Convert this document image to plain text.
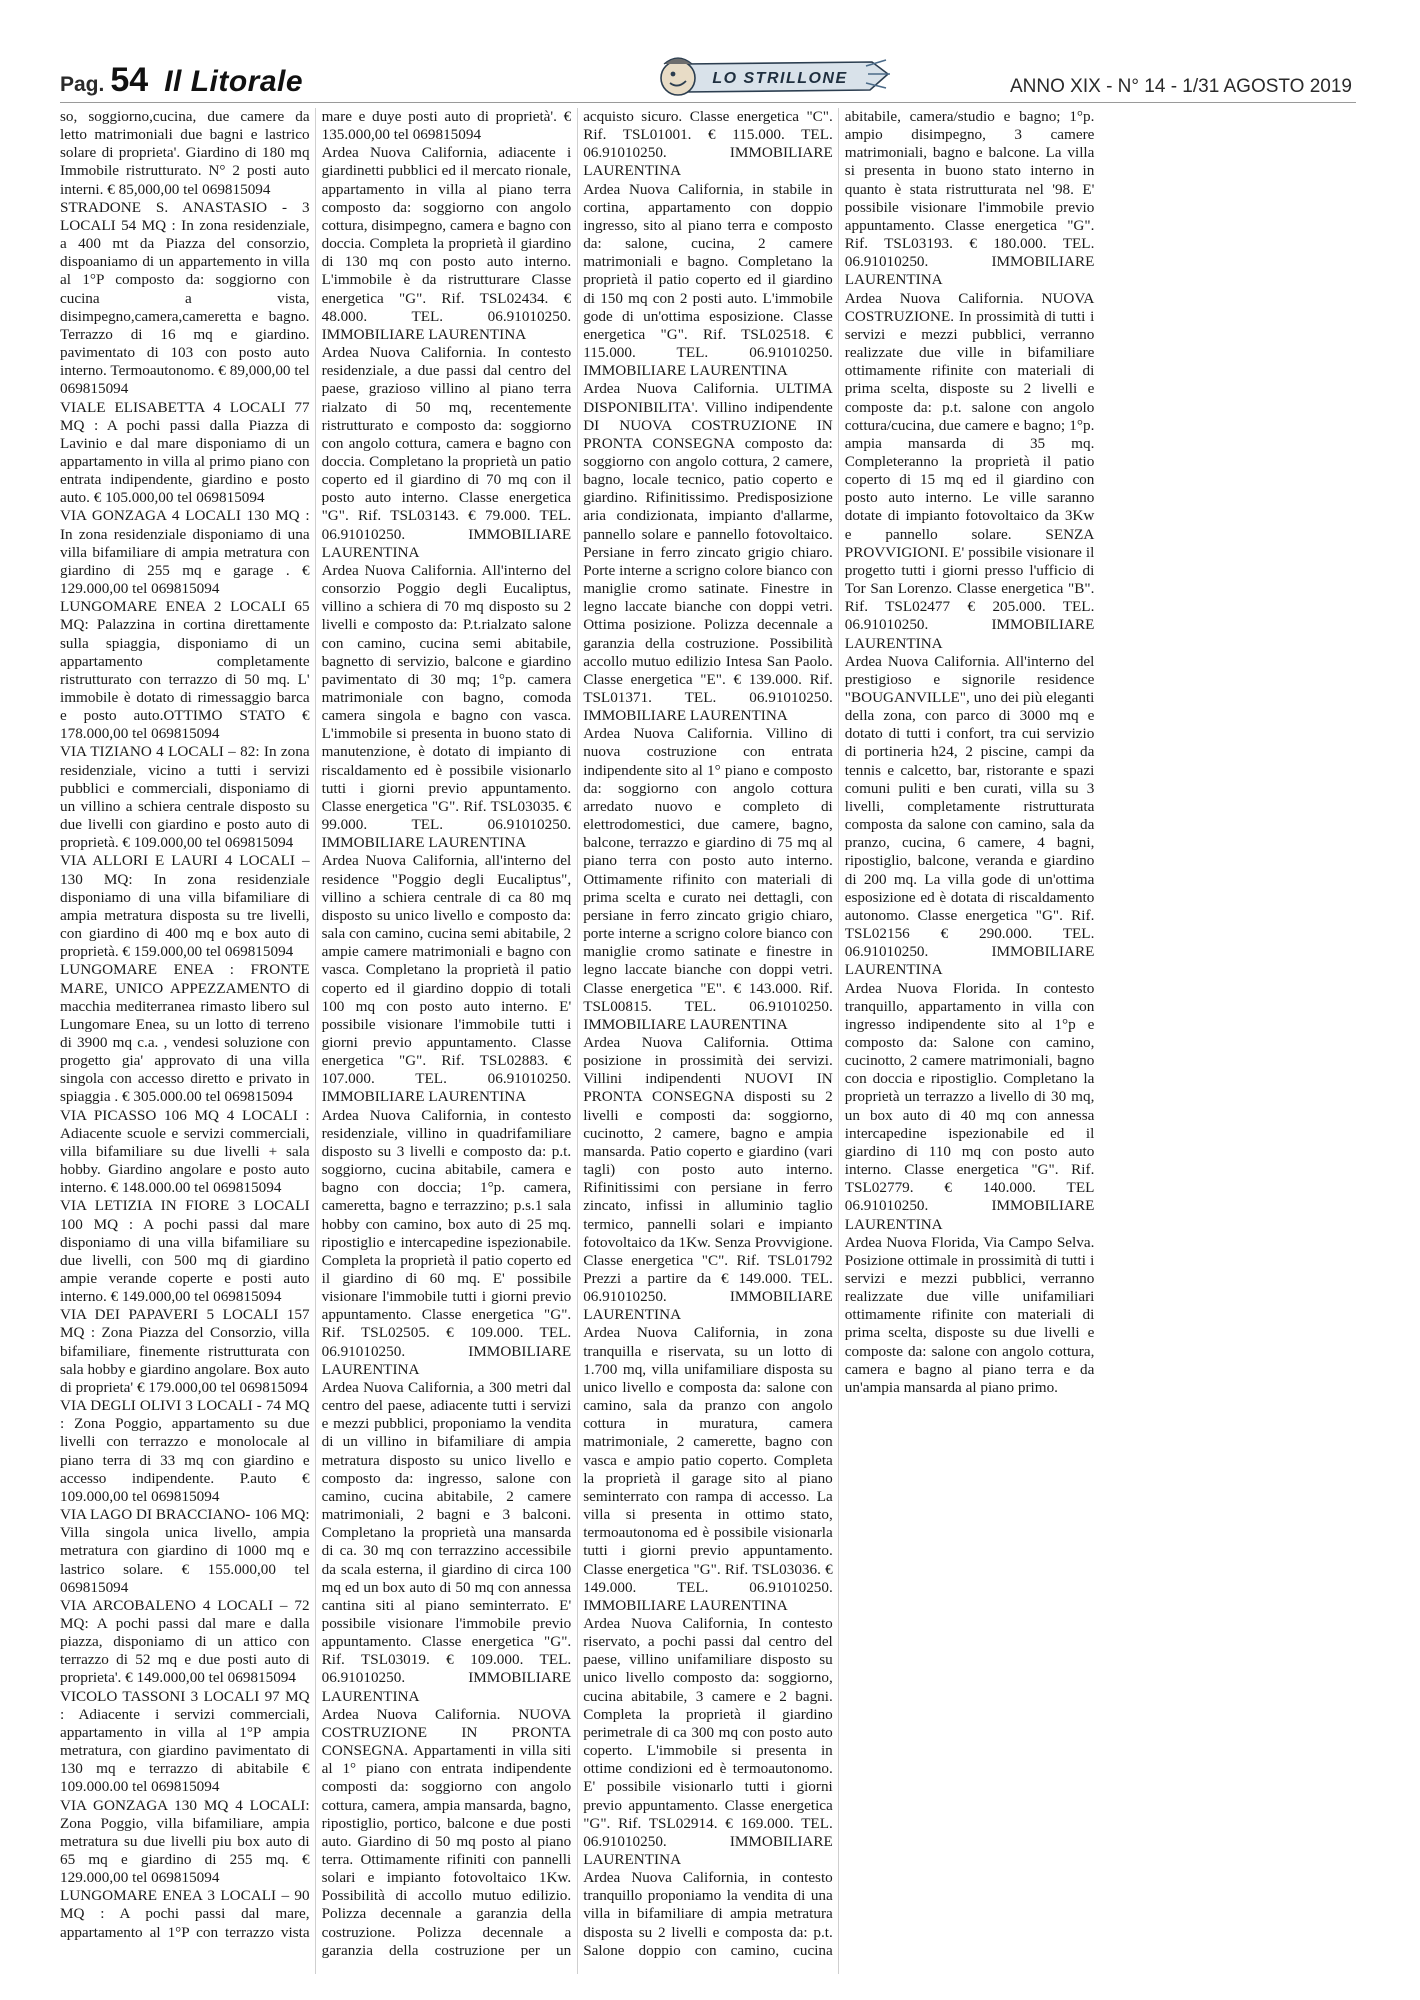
Pag. 54 Il Litorale	LO STRILLONE	ANNO XIX - N° 14 - 1/31 AGOSTO 2019

so, soggiorno,cucina, due camere da letto matrimoniali due bagni e lastrico solare di proprieta'. Giardino di 180 mq Immobile ristrutturato. N° 2 posti auto interni. € 85,000,00 tel 069815094

STRADONE S. ANASTASIO - 3 LOCALI 54 MQ : In zona residenziale, a 400 mt da Piazza del consorzio, dispoaniamo di un appartemento in villa al 1°P composto da: soggiorno con cucina a vista, disimpegno,camera,cameretta e bagno. Terrazzo di 16 mq e giardino. pavimentato di 103 con posto auto interno. Termoautonomo. € 89,000,00 tel 069815094

VIALE ELISABETTA 4 LOCALI 77 MQ : A pochi passi dalla Piazza di Lavinio e dal mare disponiamo di un appartamento in villa al primo piano con entrata indipendente, giardino e posto auto. € 105.000,00 tel 069815094

VIA GONZAGA 4 LOCALI 130 MQ : In zona residenziale disponiamo di una villa bifamiliare di ampia metratura con giardino di 255 mq e garage . € 129.000,00 tel 069815094

LUNGOMARE ENEA 2 LOCALI 65 MQ: Palazzina in cortina direttamente sulla spiaggia, disponiamo di un appartamento completamente ristrutturato con terrazzo di 50 mq. L' immobile è dotato di rimessaggio barca e posto auto.OTTIMO STATO € 178.000,00 tel 069815094

VIA TIZIANO 4 LOCALI – 82: In zona residenziale, vicino a tutti i servizi pubblici e commerciali, disponiamo di un villino a schiera centrale disposto su due livelli con giardino e posto auto di proprietà. € 109.000,00 tel 069815094

VIA ALLORI E LAURI 4 LOCALI – 130 MQ: In zona residenziale disponiamo di una villa bifamiliare di ampia metratura disposta su tre livelli, con giardino di 400 mq e box auto di proprietà. € 159.000,00 tel 069815094

LUNGOMARE ENEA : FRONTE MARE, UNICO APPEZZAMENTO di macchia mediterranea rimasto libero sul Lungomare Enea, su un lotto di terreno di 3900 mq c.a. , vendesi soluzione con progetto gia' approvato di una villa singola con accesso diretto e privato in spiaggia . € 305.000.00 tel 069815094

VIA PICASSO 106 MQ 4 LOCALI : Adiacente scuole e servizi commerciali, villa bifamiliare su due livelli + sala hobby. Giardino angolare e posto auto interno. € 148.000.00 tel 069815094

VIA LETIZIA IN FIORE 3 LOCALI 100 MQ : A pochi passi dal mare disponiamo di una villa bifamiliare su due livelli, con 500 mq di giardino ampie verande coperte e posti auto interno. € 149.000,00 tel 069815094

VIA DEI PAPAVERI 5 LOCALI 157 MQ : Zona Piazza del Consorzio, villa bifamiliare, finemente ristrutturata con sala hobby e giardino angolare. Box auto di proprieta' € 179.000,00 tel 069815094

VIA DEGLI OLIVI 3 LOCALI - 74 MQ : Zona Poggio, appartamento su due livelli con terrazzo e monolocale al piano terra di 33 mq con giardino e accesso indipendente. P.auto € 109.000,00 tel 069815094

VIA LAGO DI BRACCIANO- 106 MQ: Villa singola unica livello, ampia metratura con giardino di 1000 mq e lastrico solare. € 155.000,00 tel 069815094

VIA ARCOBALENO 4 LOCALI – 72 MQ: A pochi passi dal mare e dalla piazza, disponiamo di un attico con terrazzo di 52 mq e due posti auto di proprieta'. € 149.000,00 tel 069815094

VICOLO TASSONI 3 LOCALI 97 MQ : Adiacente i servizi commerciali, appartamento in villa al 1°P ampia metratura, con giardino pavimentato di 130 mq e terrazzo di abitabile € 109.000.00 tel 069815094

VIA GONZAGA 130 MQ 4 LOCALI: Zona Poggio, villa bifamiliare, ampia metratura su due livelli piu box auto di 65 mq e giardino di 255 mq. € 129.000,00 tel 069815094

LUNGOMARE ENEA 3 LOCALI – 90 MQ : A pochi passi dal mare, appartamento al 1°P con terrazzo vista mare e duye posti auto di proprietà'. € 135.000,00 tel 069815094

Ardea Nuova California, adiacente i giardinetti pubblici ed il mercato rionale, appartamento in villa al piano terra composto da: soggiorno con angolo cottura, disimpegno, camera e bagno con doccia. Completa la proprietà il giardino di 130 mq con posto auto interno. L'immobile è da ristrutturare Classe energetica "G". Rif. TSL02434. € 48.000. TEL. 06.91010250. IMMOBILIARE LAURENTINA

Ardea Nuova California. In contesto residenziale, a due passi dal centro del paese, grazioso villino al piano terra rialzato di 50 mq, recentemente ristrutturato e composto da: soggiorno con angolo cottura, camera e bagno con doccia. Completano la proprietà un patio coperto ed il giardino di 70 mq con il posto auto interno. Classe energetica "G". Rif. TSL03143. € 79.000. TEL. 06.91010250. IMMOBILIARE LAURENTINA

Ardea Nuova California. All'interno del consorzio Poggio degli Eucaliptus, villino a schiera di 70 mq disposto su 2 livelli e composto da: P.t.rialzato salone con camino, cucina semi abitabile, bagnetto di servizio, balcone e giardino pavimentato di 30 mq; 1°p. camera matrimoniale con bagno, comoda camera singola e bagno con vasca. L'immobile si presenta in buono stato di manutenzione, è dotato di impianto di riscaldamento ed è possibile visionarlo tutti i giorni previo appuntamento. Classe energetica "G". Rif. TSL03035. € 99.000. TEL. 06.91010250. IMMOBILIARE LAURENTINA

Ardea Nuova California, all'interno del residence "Poggio degli Eucaliptus", villino a schiera centrale di ca 80 mq disposto su unico livello e composto da: sala con camino, cucina semi abitabile, 2 ampie camere matrimoniali e bagno con vasca. Completano la proprietà il patio coperto ed il giardino doppio di totali 100 mq con posto auto interno. E' possibile visionare l'immobile tutti i giorni previo appuntamento. Classe energetica "G". Rif. TSL02883. € 107.000. TEL. 06.91010250. IMMOBILIARE LAURENTINA

Ardea Nuova California, in contesto residenziale, villino in quadrifamiliare disposto su 3 livelli e composto da: p.t. soggiorno, cucina abitabile, camera e bagno con doccia; 1°p. camera, cameretta, bagno e terrazzino; p.s.1 sala hobby con camino, box auto di 25 mq. ripostiglio e intercapedine ispezionabile. Completa la proprietà il patio coperto ed il giardino di 60 mq. E' possibile visionare l'immobile tutti i giorni previo appuntamento. Classe energetica "G". Rif. TSL02505. € 109.000. TEL. 06.91010250. IMMOBILIARE LAURENTINA

Ardea Nuova California, a 300 metri dal centro del paese, adiacente tutti i servizi e mezzi pubblici, proponiamo la vendita di un villino in bifamiliare di ampia metratura disposto su unico livello e composto da: ingresso, salone con camino, cucina abitabile, 2 camere matrimoniali, 2 bagni e 3 balconi. Completano la proprietà una mansarda di ca. 30 mq con terrazzino accessibile da scala esterna, il giardino di circa 100 mq ed un box auto di 50 mq con annessa cantina siti al piano seminterrato. E' possibile visionare l'immobile previo appuntamento. Classe energetica "G". Rif. TSL03019. € 109.000. TEL. 06.91010250. IMMOBILIARE LAURENTINA

Ardea Nuova California. NUOVA COSTRUZIONE IN PRONTA CONSEGNA. Appartamenti in villa siti al 1° piano con entrata indipendente composti da: soggiorno con angolo cottura, camera, ampia mansarda, bagno, ripostiglio, portico, balcone e due posti auto. Giardino di 50 mq posto al piano terra. Ottimamente rifiniti con pannelli solari e impianto fotovoltaico 1Kw. Possibilità di accollo mutuo edilizio. Polizza decennale a garanzia della costruzione. Polizza decennale a garanzia della costruzione per un acquisto sicuro. Classe energetica "C". Rif. TSL01001. € 115.000. TEL. 06.91010250. IMMOBILIARE LAURENTINA

Ardea Nuova California, in stabile in cortina, appartamento con doppio ingresso, sito al piano terra e composto da: salone, cucina, 2 camere matrimoniali e bagno. Completano la proprietà il patio coperto ed il giardino di 150 mq con 2 posti auto. L'immobile gode di un'ottima esposizione. Classe energetica "G". Rif. TSL02518. € 115.000. TEL. 06.91010250. IMMOBILIARE LAURENTINA

Ardea Nuova California. ULTIMA DISPONIBILITA'. Villino indipendente DI NUOVA COSTRUZIONE IN PRONTA CONSEGNA composto da: soggiorno con angolo cottura, 2 camere, bagno, locale tecnico, patio coperto e giardino. Rifinitissimo. Predisposizione aria condizionata, impianto d'allarme, pannello solare e pannello fotovoltaico. Persiane in ferro zincato grigio chiaro. Porte interne a scrigno colore bianco con maniglie cromo satinate. Finestre in legno laccate bianche con doppi vetri. Ottima posizione. Polizza decennale a garanzia della costruzione. Possibilità accollo mutuo edilizio Intesa San Paolo. Classe energetica "E". € 139.000. Rif. TSL01371. TEL. 06.91010250. IMMOBILIARE LAURENTINA

Ardea Nuova California. Villino di nuova costruzione con entrata indipendente sito al 1° piano e composto da: soggiorno con angolo cottura arredato nuovo e completo di elettrodomestici, due camere, bagno, balcone, terrazzo e giardino di 75 mq al piano terra con posto auto interno. Ottimamente rifinito con materiali di prima scelta e curato nei dettagli, con persiane in ferro zincato grigio chiaro, porte interne a scrigno colore bianco con maniglie cromo satinate e finestre in legno laccate bianche con doppi vetri. Classe energetica "E". € 143.000. Rif. TSL00815. TEL. 06.91010250. IMMOBILIARE LAURENTINA

Ardea Nuova California. Ottima posizione in prossimità dei servizi. Villini indipendenti NUOVI IN PRONTA CONSEGNA disposti su 2 livelli e composti da: soggiorno, cucinotto, 2 camere, bagno e ampia mansarda. Patio coperto e giardino (vari tagli) con posto auto interno. Rifinitissimi con persiane in ferro zincato, infissi in alluminio taglio termico, pannelli solari e impianto fotovoltaico da 1Kw. Senza Provvigione. Classe energetica "C". Rif. TSL01792 Prezzi a partire da € 149.000. TEL. 06.91010250. IMMOBILIARE LAURENTINA

Ardea Nuova California, in zona tranquilla e riservata, su un lotto di 1.700 mq, villa unifamiliare disposta su unico livello e composta da: salone con camino, sala da pranzo con angolo cottura in muratura, camera matrimoniale, 2 camerette, bagno con vasca e ampio patio coperto. Completa la proprietà il garage sito al piano seminterrato con rampa di accesso. La villa si presenta in ottimo stato, termoautonoma ed è possibile visionarla tutti i giorni previo appuntamento. Classe energetica "G". Rif. TSL03036. € 149.000. TEL. 06.91010250. IMMOBILIARE LAURENTINA

Ardea Nuova California, In contesto riservato, a pochi passi dal centro del paese, villino unifamiliare disposto su unico livello composto da: soggiorno, cucina abitabile, 3 camere e 2 bagni. Completa la proprietà il giardino perimetrale di ca 300 mq con posto auto coperto. L'immobile si presenta in ottime condizioni ed è termoautonomo. E' possibile visionarlo tutti i giorni previo appuntamento. Classe energetica "G". Rif. TSL02914. € 169.000. TEL. 06.91010250. IMMOBILIARE LAURENTINA

Ardea Nuova California, in contesto tranquillo proponiamo la vendita di una villa in bifamiliare di ampia metratura disposta su 2 livelli e composta da: p.t. Salone doppio con camino, cucina abitabile, camera/studio e bagno; 1°p. ampio disimpegno, 3 camere matrimoniali, bagno e balcone. La villa si presenta in buono stato interno in quanto è stata ristrutturata nel '98. E' possibile visionare l'immobile previo appuntamento. Classe energetica "G". Rif. TSL03193. € 180.000. TEL. 06.91010250. IMMOBILIARE LAURENTINA

Ardea Nuova California. NUOVA COSTRUZIONE. In prossimità di tutti i servizi e mezzi pubblici, verranno realizzate due ville in bifamiliare ottimamente rifinite con materiali di prima scelta, disposte su 2 livelli e composte da: p.t. salone con angolo cottura/cucina, due camere e bagno; 1°p. ampia mansarda di 35 mq. Completeranno la proprietà il patio coperto di 15 mq ed il giardino con posto auto interno. Le ville saranno dotate di impianto fotovoltaico da 3Kw e pannello solare. SENZA PROVVIGIONI. E' possibile visionare il progetto tutti i giorni presso l'ufficio di Tor San Lorenzo. Classe energetica "B". Rif. TSL02477 € 205.000. TEL. 06.91010250. IMMOBILIARE LAURENTINA

Ardea Nuova California. All'interno del prestigioso e signorile residence "BOUGANVILLE", uno dei più eleganti della zona, con parco di 3000 mq e dotato di tutti i confort, tra cui servizio di portineria h24, 2 piscine, campi da tennis e calcetto, bar, ristorante e spazi comuni puliti e ben curati, villa su 3 livelli, completamente ristrutturata composta da salone con camino, sala da pranzo, cucina, 6 camere, 4 bagni, ripostiglio, balcone, veranda e giardino di 200 mq. La villa gode di un'ottima esposizione ed è dotata di riscaldamento autonomo. Classe energetica "G". Rif. TSL02156 € 290.000. TEL. 06.91010250. IMMOBILIARE LAURENTINA

Ardea Nuova Florida. In contesto tranquillo, appartamento in villa con ingresso indipendente sito al 1°p e composto da: Salone con camino, cucinotto, 2 camere matrimoniali, bagno con doccia e ripostiglio. Completano la proprietà un terrazzo a livello di 30 mq, un box auto di 40 mq con annessa intercapedine ispezionabile ed il giardino di 110 mq con posto auto interno. Classe energetica "G". Rif. TSL02779. € 140.000. TEL 06.91010250. IMMOBILIARE LAURENTINA

Ardea Nuova Florida, Via Campo Selva. Posizione ottimale in prossimità di tutti i servizi e mezzi pubblici, verranno realizzate due ville unifamiliari ottimamente rifinite con materiali di prima scelta, disposte su due livelli e composte da: salone con angolo cottura, camera e bagno al piano terra e da un'ampia mansarda al piano primo.
